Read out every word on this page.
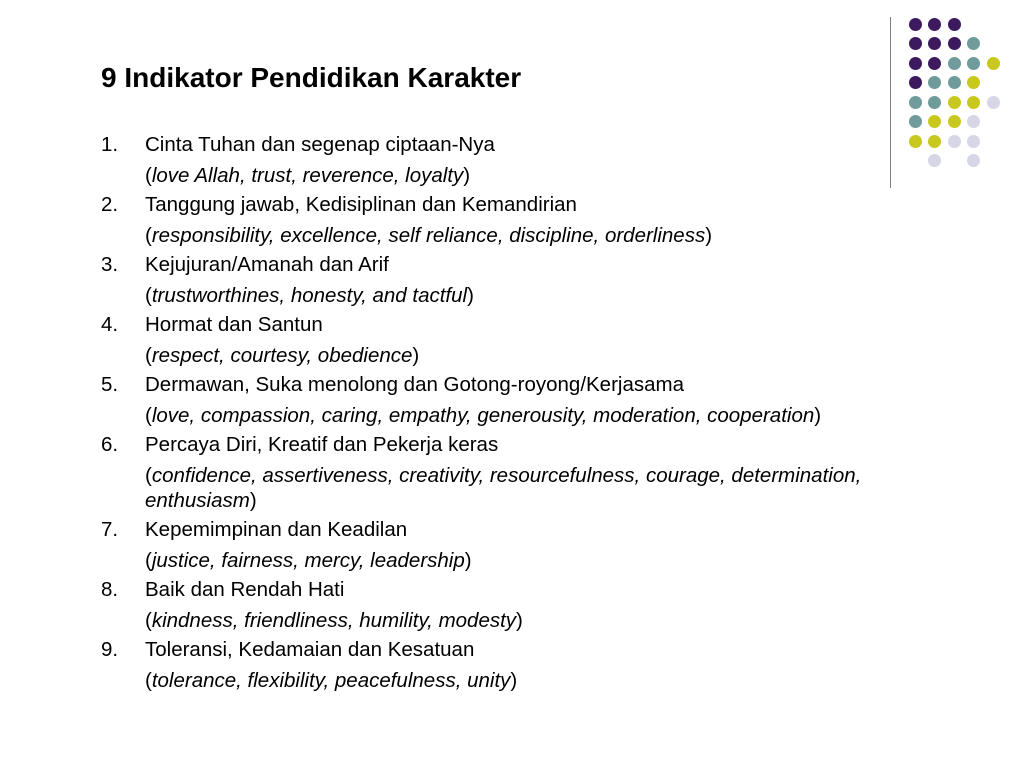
9 Indikator Pendidikan Karakter
1.	Cinta Tuhan dan segenap ciptaan-Nya
(love Allah, trust, reverence, loyalty)
2.	Tanggung jawab, Kedisiplinan dan Kemandirian
(responsibility, excellence, self reliance, discipline, orderliness)
3.	Kejujuran/Amanah dan Arif
(trustworthines, honesty, and tactful)
4.	Hormat dan Santun
(respect, courtesy, obedience)
5.	Dermawan, Suka menolong dan Gotong-royong/Kerjasama
(love, compassion, caring, empathy, generousity, moderation, cooperation)
6.	Percaya Diri, Kreatif dan Pekerja keras
(confidence, assertiveness, creativity, resourcefulness, courage, determination, enthusiasm)
7.	Kepemimpinan dan Keadilan
(justice, fairness, mercy, leadership)
8.	Baik dan Rendah Hati
(kindness, friendliness, humility, modesty)
9.	Toleransi, Kedamaian dan Kesatuan
(tolerance, flexibility, peacefulness, unity)
